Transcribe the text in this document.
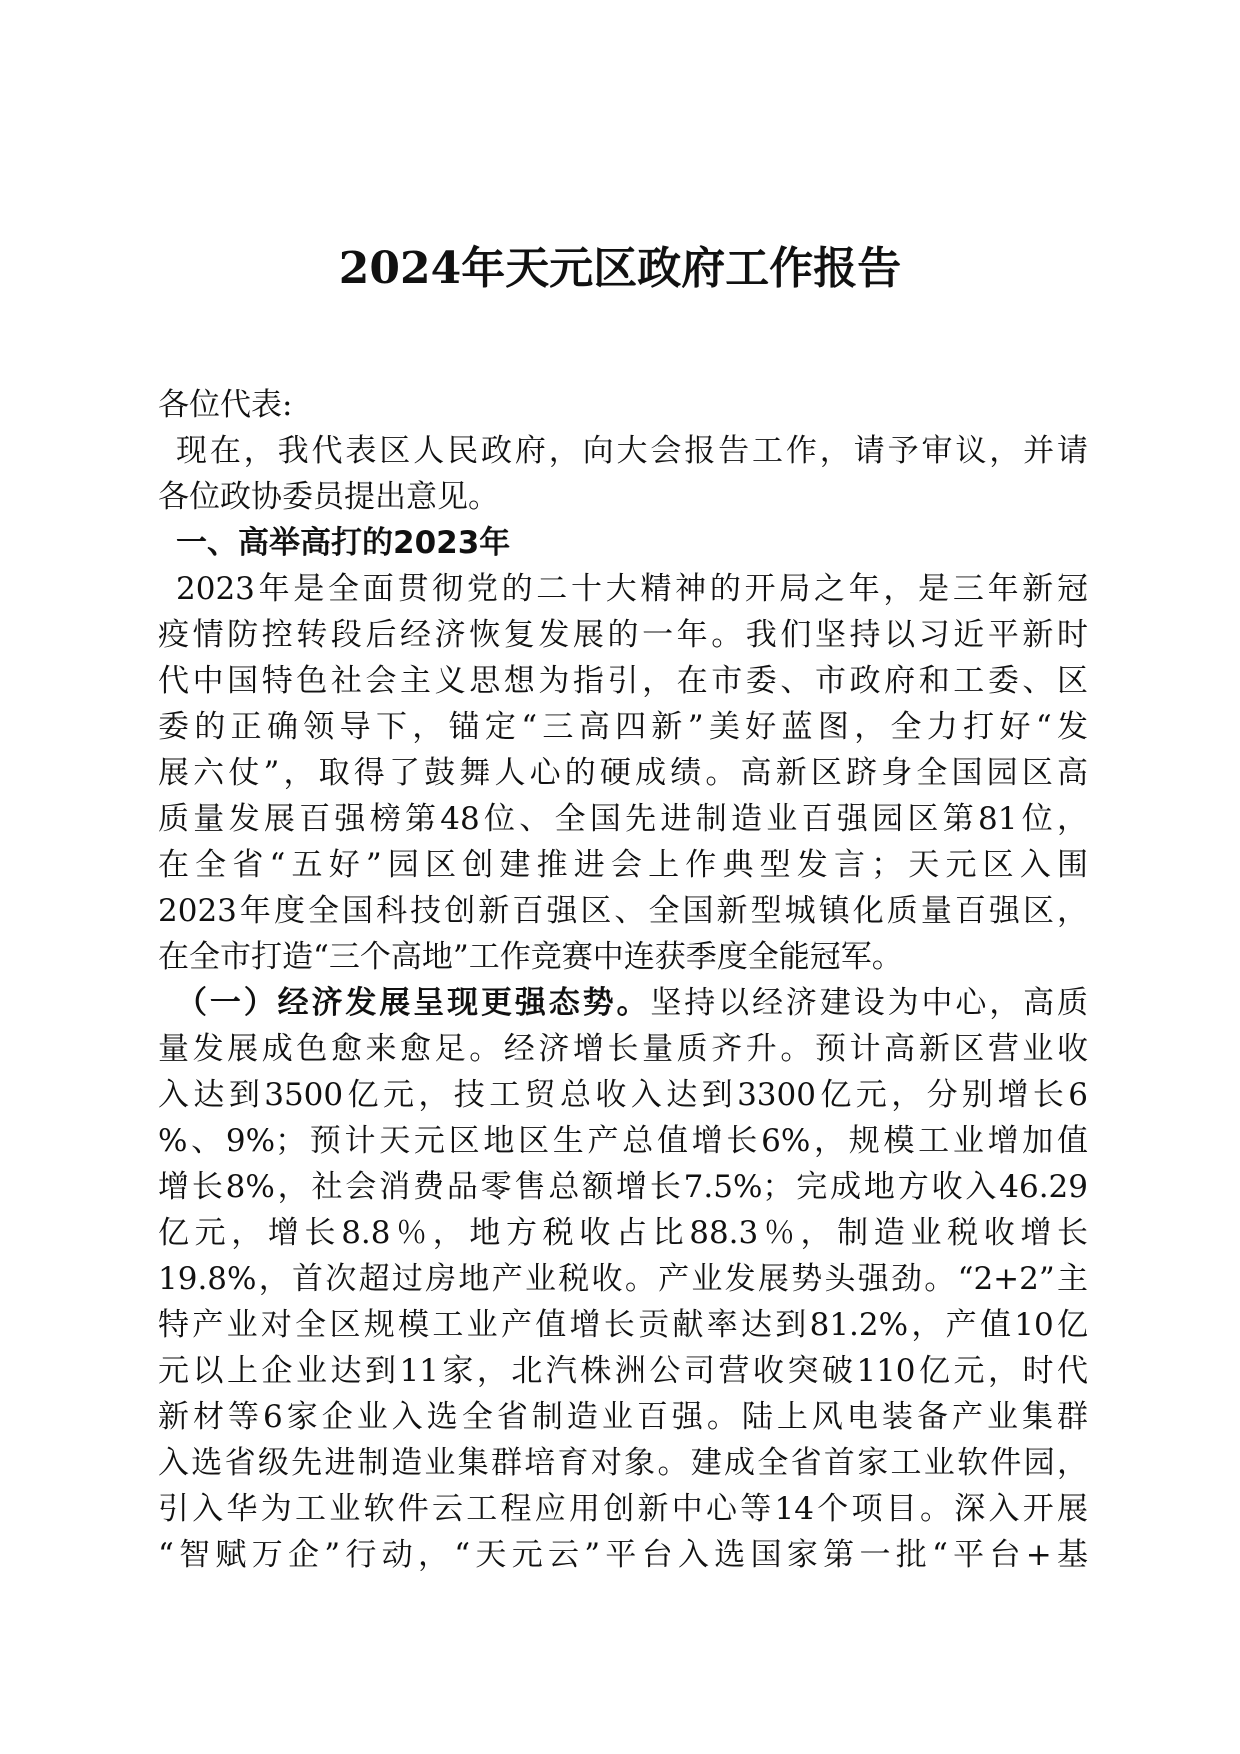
2024年天元区政府工作报告
各位代表:
现在，我代表区人民政府，向大会报告工作，请予审议，并请
各位政协委员提出意见。
一、高举高打的2023年
2023年是全面贯彻党的二十大精神的开局之年，是三年新冠
疫情防控转段后经济恢复发展的一年。我们坚持以习近平新时
代中国特色社会主义思想为指引，在市委、市政府和工委、区
委的正确领导下，锚定“三高四新”美好蓝图，全力打好“发
展六仗”，取得了鼓舞人心的硬成绩。高新区跻身全国园区高
质量发展百强榜第48位、全国先进制造业百强园区第81位，
在全省“五好”园区创建推进会上作典型发言；天元区入围
2023年度全国科技创新百强区、全国新型城镇化质量百强区，
在全市打造“三个高地”工作竞赛中连获季度全能冠军。
（一）经济发展呈现更强态势。坚持以经济建设为中心，高质
量发展成色愈来愈足。经济增长量质齐升。预计高新区营业收
入达到3500亿元，技工贸总收入达到3300亿元，分别增长6
%、9%；预计天元区地区生产总值增长6%，规模工业增加值
增长8%，社会消费品零售总额增长7.5%；完成地方收入46.29
亿元，增长8.8％，地方税收占比88.3％，制造业税收增长
19.8%，首次超过房地产业税收。产业发展势头强劲。“2+2”主
特产业对全区规模工业产值增长贡献率达到81.2%，产值10亿
元以上企业达到11家，北汽株洲公司营收突破110亿元，时代
新材等6家企业入选全省制造业百强。陆上风电装备产业集群
入选省级先进制造业集群培育对象。建成全省首家工业软件园，
引入华为工业软件云工程应用创新中心等14个项目。深入开展
“智赋万企”行动，“天元云”平台入选国家第一批“平台+基
